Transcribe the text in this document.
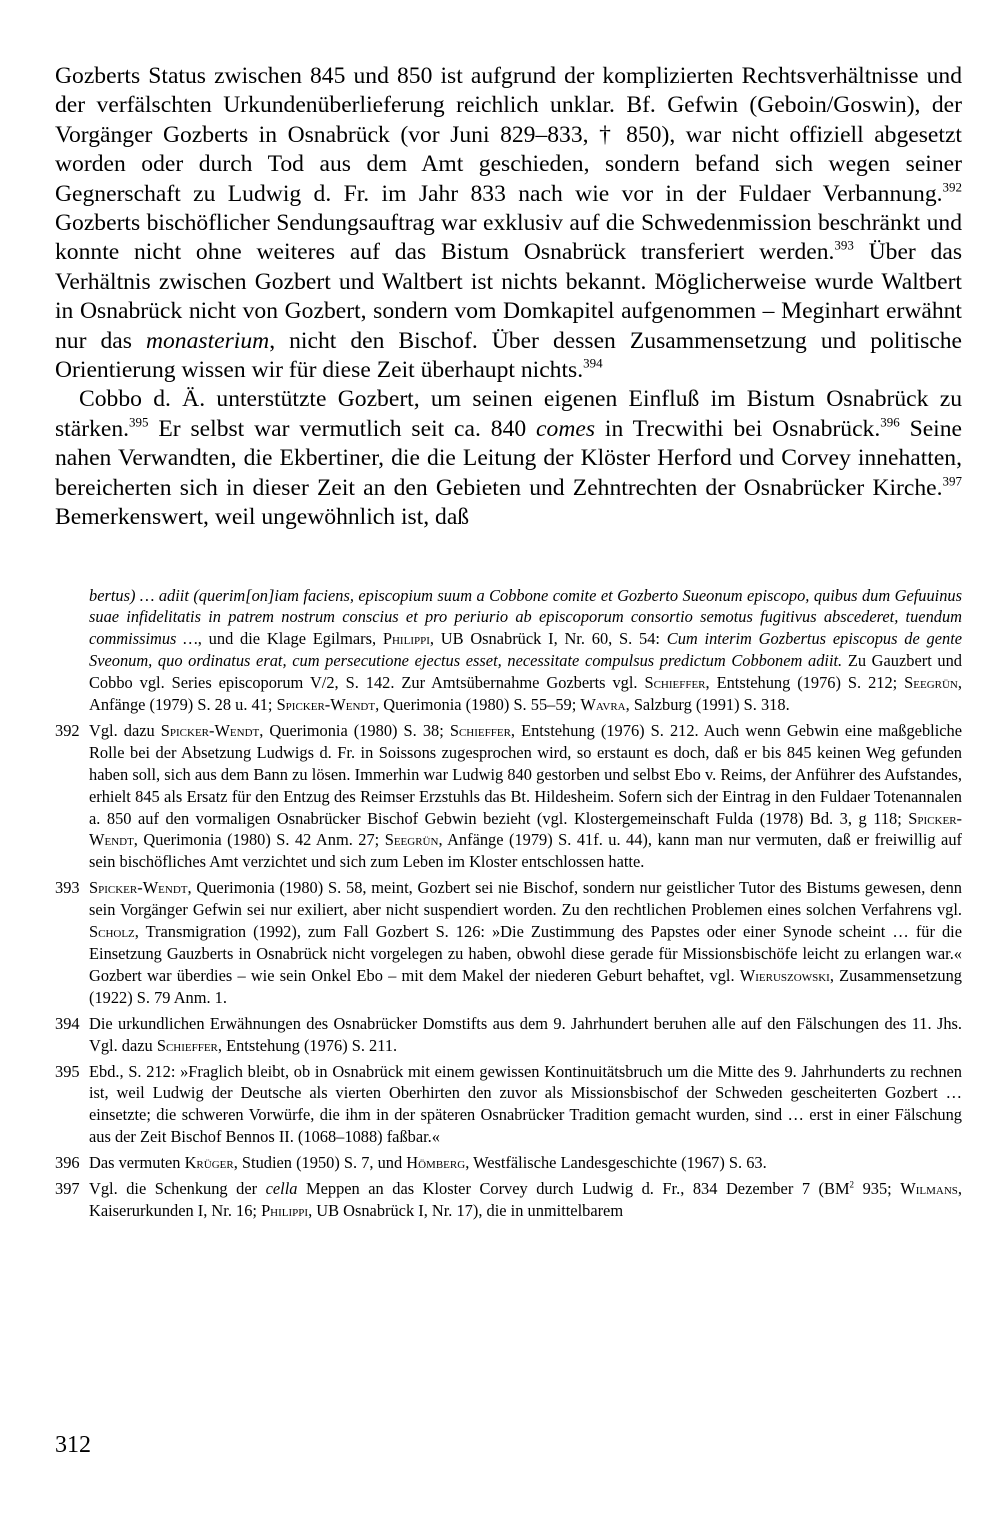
Gozberts Status zwischen 845 und 850 ist aufgrund der komplizierten Rechtsverhältnisse und der verfälschten Urkundenüberlieferung reichlich unklar. Bf. Gefwin (Geboin/Goswin), der Vorgänger Gozberts in Osnabrück (vor Juni 829–833, † 850), war nicht offiziell abgesetzt worden oder durch Tod aus dem Amt geschieden, sondern befand sich wegen seiner Gegnerschaft zu Ludwig d. Fr. im Jahr 833 nach wie vor in der Fuldaer Verbannung.$^{392}$ Gozberts bischöflicher Sendungsauftrag war exklusiv auf die Schwedenmission beschränkt und konnte nicht ohne weiteres auf das Bistum Osnabrück transferiert werden.$^{393}$ Über das Verhältnis zwischen Gozbert und Waltbert ist nichts bekannt. Möglicherweise wurde Waltbert in Osnabrück nicht von Gozbert, sondern vom Domkapitel aufgenommen – Meginhart erwähnt nur das monasterium, nicht den Bischof. Über dessen Zusammensetzung und politische Orientierung wissen wir für diese Zeit überhaupt nichts.$^{394}$

Cobbo d. Ä. unterstützte Gozbert, um seinen eigenen Einfluß im Bistum Osnabrück zu stärken.$^{395}$ Er selbst war vermutlich seit ca. 840 comes in Trecwithi bei Osnabrück.$^{396}$ Seine nahen Verwandten, die Ekbertiner, die die Leitung der Klöster Herford und Corvey innehatten, bereicherten sich in dieser Zeit an den Gebieten und Zehntrechten der Osnabrücker Kirche.$^{397}$ Bemerkenswert, weil ungewöhnlich ist, daß

bertus) … adiit (querim[on]iam faciens, episcopium suum a Cobbone comite et Gozberto Sueonum episcopo, quibus dum Gefuuinus suae infidelitatis in patrem nostrum conscius et pro periurio ab episcoporum consortio semotus fugitivus abscederet, tuendum commissimus …, und die Klage Egilmars, Philippi, UB Osnabrück I, Nr. 60, S. 54: Cum interim Gozbertus episcopus de gente Sveonum, quo ordinatus erat, cum persecutione ejectus esset, necessitate compulsus predictum Cobbonem adiit. Zu Gauzbert und Cobbo vgl. Series episcoporum V/2, S. 142. Zur Amtsübernahme Gozberts vgl. Schieffer, Entstehung (1976) S. 212; Seegrün, Anfänge (1979) S. 28 u. 41; Spicker-Wendt, Querimonia (1980) S. 55–59; Wavra, Salzburg (1991) S. 318.
392 Vgl. dazu Spicker-Wendt, Querimonia (1980) S. 38; Schieffer, Entstehung (1976) S. 212. Auch wenn Gebwin eine maßgebliche Rolle bei der Absetzung Ludwigs d. Fr. in Soissons zugesprochen wird, so erstaunt es doch, daß er bis 845 keinen Weg gefunden haben soll, sich aus dem Bann zu lösen. Immerhin war Ludwig 840 gestorben und selbst Ebo v. Reims, der Anführer des Aufstandes, erhielt 845 als Ersatz für den Entzug des Reimser Erzstuhls das Bt. Hildesheim. Sofern sich der Eintrag in den Fuldaer Totenannalen a. 850 auf den vormaligen Osnabrücker Bischof Gebwin bezieht (vgl. Klostergemeinschaft Fulda (1978) Bd. 3, g 118; Spicker-Wendt, Querimonia (1980) S. 42 Anm. 27; Seegrün, Anfänge (1979) S. 41f. u. 44), kann man nur vermuten, daß er freiwillig auf sein bischöfliches Amt verzichtet und sich zum Leben im Kloster entschlossen hatte.
393 Spicker-Wendt, Querimonia (1980) S. 58, meint, Gozbert sei nie Bischof, sondern nur geistlicher Tutor des Bistums gewesen, denn sein Vorgänger Gefwin sei nur exiliert, aber nicht suspendiert worden. Zu den rechtlichen Problemen eines solchen Verfahrens vgl. Scholz, Transmigration (1992), zum Fall Gozbert S. 126: »Die Zustimmung des Papstes oder einer Synode scheint … für die Einsetzung Gauzberts in Osnabrück nicht vorgelegen zu haben, obwohl diese gerade für Missionsbischöfe leicht zu erlangen war.« Gozbert war überdies – wie sein Onkel Ebo – mit dem Makel der niederen Geburt behaftet, vgl. Wieruszowski, Zusammensetzung (1922) S. 79 Anm. 1.
394 Die urkundlichen Erwähnungen des Osnabrücker Domstifts aus dem 9. Jahrhundert beruhen alle auf den Fälschungen des 11. Jhs. Vgl. dazu Schieffer, Entstehung (1976) S. 211.
395 Ebd., S. 212: »Fraglich bleibt, ob in Osnabrück mit einem gewissen Kontinuitätsbruch um die Mitte des 9. Jahrhunderts zu rechnen ist, weil Ludwig der Deutsche als vierten Oberhirten den zuvor als Missionsbischof der Schweden gescheiterten Gozbert … einsetzte; die schweren Vorwürfe, die ihm in der späteren Osnabrücker Tradition gemacht wurden, sind … erst in einer Fälschung aus der Zeit Bischof Bennos II. (1068–1088) faßbar.«
396 Das vermuten Krüger, Studien (1950) S. 7, und Hömberg, Westfälische Landesgeschichte (1967) S. 63.
397 Vgl. die Schenkung der cella Meppen an das Kloster Corvey durch Ludwig d. Fr., 834 Dezember 7 ($BM^2$ 935; Wilmans, Kaiserurkunden I, Nr. 16; Philippi, UB Osnabrück I, Nr. 17), die in unmittelbarem
312
